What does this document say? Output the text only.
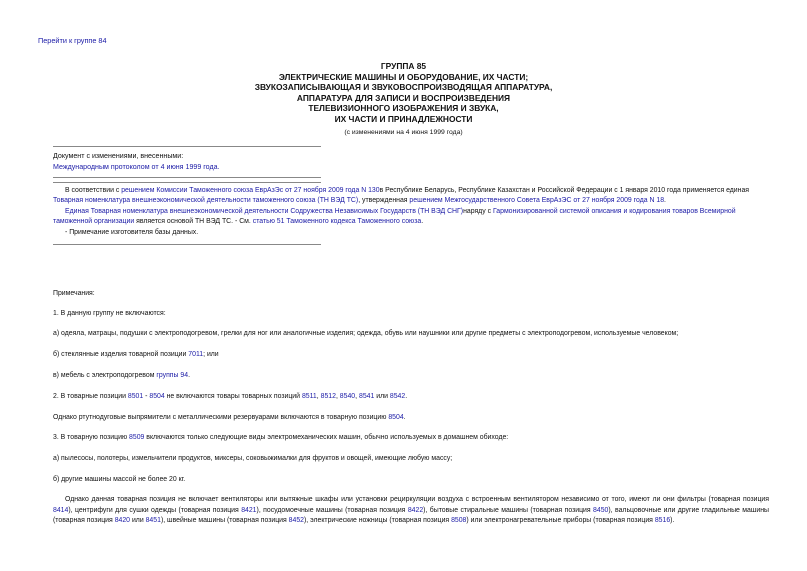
Перейти к группе 84
ГРУППА 85
ЭЛЕКТРИЧЕСКИЕ МАШИНЫ И ОБОРУДОВАНИЕ, ИХ ЧАСТИ;
ЗВУКОЗАПИСЫВАЮЩАЯ И ЗВУКОВОСПРОИЗВОДЯЩАЯ АППАРАТУРА,
АППАРАТУРА ДЛЯ ЗАПИСИ И ВОСПРОИЗВЕДЕНИЯ
ТЕЛЕВИЗИОННОГО ИЗОБРАЖЕНИЯ И ЗВУКА,
ИХ ЧАСТИ И ПРИНАДЛЕЖНОСТИ
(с изменениями на 4 июня 1999 года)
Документ с изменениями, внесенными:
Международным протоколом от 4 июня 1999 года.

В соответствии с решением Комиссии Таможенного союза ЕврАзЭс от 27 ноября 2009 года N 130в Республике Беларусь, Республике Казахстан и Российской Федерации с 1 января 2010 года применяется единая Товарная номенклатура внешнеэкономической деятельности таможенного союза (ТН ВЭД ТС), утвержденная решением Межгосударственного Совета ЕврАзЭС от 27 ноября 2009 года N 18.

Единая Товарная номенклатура внешнеэкономической деятельности Содружества Независимых Государств (ТН ВЭД СНГ)наряду с Гармонизированной системой описания и кодирования товаров Всемирной таможенной организации является основой ТН ВЭД ТС. - См. статью 51 Таможенного кодекса Таможенного союза.

- Примечание изготовителя базы данных.

Примечания:
1. В данную группу не включаются:
а) одеяла, матрацы, подушки с электроподогревом, грелки для ног или аналогичные изделия; одежда, обувь или наушники или другие предметы с электроподогревом, используемые человеком;
б) стеклянные изделия товарной позиции 7011; или
в) мебель с электроподогревом группы 94.
2. В товарные позиции 8501 - 8504 не включаются товары товарных позиций 8511, 8512, 8540, 8541 или 8542.
Однако ртутнодуговые выпрямители с металлическими резервуарами включаются в товарную позицию 8504.
3. В товарную позицию 8509 включаются только следующие виды электромеханических машин, обычно используемых в домашнем обиходе:
а) пылесосы, полотеры, измельчители продуктов, миксеры, соковыжималки для фруктов и овощей, имеющие любую массу;
б) другие машины массой не более 20 кг.

Однако данная товарная позиция не включает вентиляторы или вытяжные шкафы или установки рециркуляции воздуха с встроенным вентилятором независимо от того, имеют ли они фильтры (товарная позиция 8414), центрифуги для сушки одежды (товарная позиция 8421), посудомоечные машины (товарная позиция 8422), бытовые стиральные машины (товарная позиция 8450), вальцовочные или другие гладильные машины (товарная позиция 8420 или 8451), швейные машины (товарная позиция 8452), электрические ножницы (товарная позиция 8508) или электронагревательные приборы (товарная позиция 8516).
